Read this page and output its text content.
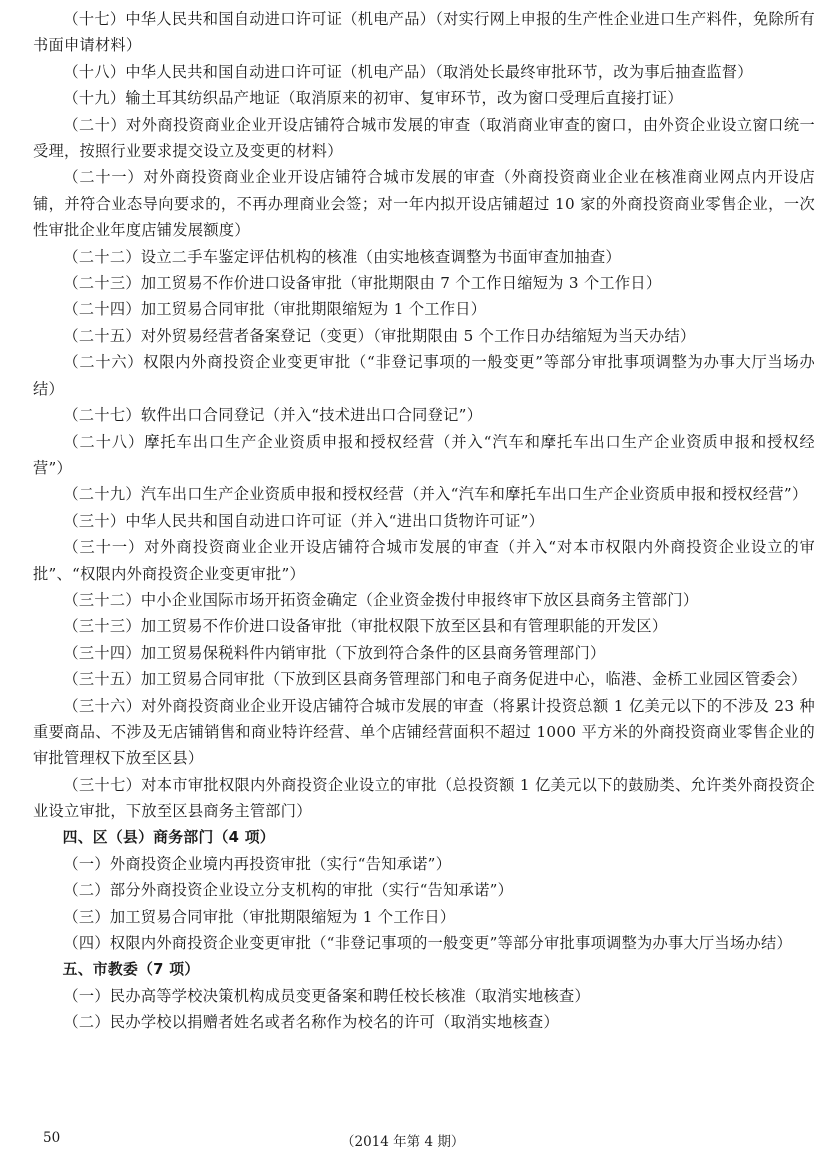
（十七）中华人民共和国自动进口许可证（机电产品）（对实行网上申报的生产性企业进口生产料件，免除所有书面申请材料）

（十八）中华人民共和国自动进口许可证（机电产品）（取消处长最终审批环节，改为事后抽查监督）

（十九）输土耳其纺织品产地证（取消原来的初审、复审环节，改为窗口受理后直接打证）

（二十）对外商投资商业企业开设店铺符合城市发展的审查（取消商业审查的窗口，由外资企业设立窗口统一受理，按照行业要求提交设立及变更的材料）

（二十一）对外商投资商业企业开设店铺符合城市发展的审查（外商投资商业企业在核准商业网点内开设店铺，并符合业态导向要求的，不再办理商业会签；对一年内拟开设店铺超过 10 家的外商投资商业零售企业，一次性审批企业年度店铺发展额度）

（二十二）设立二手车鉴定评估机构的核准（由实地核查调整为书面审查加抽查）

（二十三）加工贸易不作价进口设备审批（审批期限由 7 个工作日缩短为 3 个工作日）

（二十四）加工贸易合同审批（审批期限缩短为 1 个工作日）

（二十五）对外贸易经营者备案登记（变更）（审批期限由 5 个工作日办结缩短为当天办结）

（二十六）权限内外商投资企业变更审批（“非登记事项的一般变更”等部分审批事项调整为办事大厅当场办结）

（二十七）软件出口合同登记（并入“技术进出口合同登记”）

（二十八）摩托车出口生产企业资质申报和授权经营（并入“汽车和摩托车出口生产企业资质申报和授权经营”）

（二十九）汽车出口生产企业资质申报和授权经营（并入“汽车和摩托车出口生产企业资质申报和授权经营”）

（三十）中华人民共和国自动进口许可证（并入“进出口货物许可证”）

（三十一）对外商投资商业企业开设店铺符合城市发展的审查（并入“对本市权限内外商投资企业设立的审批”、“权限内外商投资企业变更审批”）

（三十二）中小企业国际市场开拓资金确定（企业资金拨付申报终审下放区县商务主管部门）

（三十三）加工贸易不作价进口设备审批（审批权限下放至区县和有管理职能的开发区）

（三十四）加工贸易保税料件内销审批（下放到符合条件的区县商务管理部门）

（三十五）加工贸易合同审批（下放到区县商务管理部门和电子商务促进中心，临港、金桥工业园区管委会）

（三十六）对外商投资商业企业开设店铺符合城市发展的审查（将累计投资总额 1 亿美元以下的不涉及 23 种重要商品、不涉及无店铺销售和商业特许经营、单个店铺经营面积不超过 1000 平方米的外商投资商业零售企业的审批管理权下放至区县）

（三十七）对本市审批权限内外商投资企业设立的审批（总投资额 1 亿美元以下的鼓励类、允许类外商投资企业设立审批，下放至区县商务主管部门）

四、区（县）商务部门（4 项）

（一）外商投资企业境内再投资审批（实行“告知承诺”）

（二）部分外商投资企业设立分支机构的审批（实行“告知承诺”）

（三）加工贸易合同审批（审批期限缩短为 1 个工作日）

（四）权限内外商投资企业变更审批（“非登记事项的一般变更”等部分审批事项调整为办事大厅当场办结）

五、市教委（7 项）

（一）民办高等学校决策机构成员变更备案和聘任校长核准（取消实地核查）

（二）民办学校以捐赠者姓名或者名称作为校名的许可（取消实地核查）

50	（2014 年第 4 期）
